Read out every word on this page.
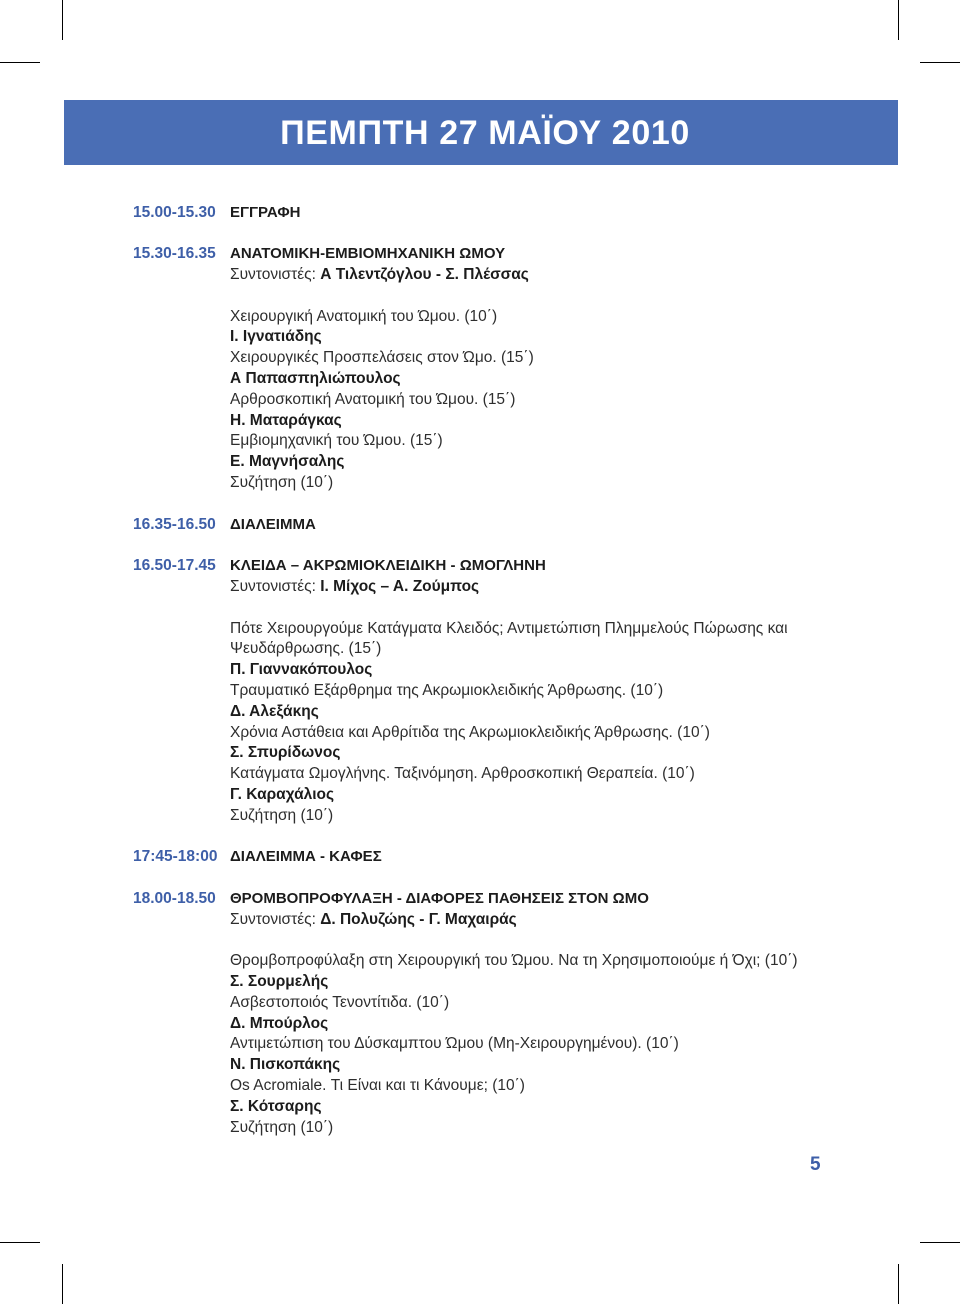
ΠΕΜΠΤΗ 27 ΜΑΪΟΥ 2010
15.00-15.30 ΕΓΓΡΑΦΗ
15.30-16.35 ΑΝΑΤΟΜΙΚΗ-ΕΜΒΙΟΜΗΧΑΝΙΚΗ ΩΜΟΥ
Συντονιστές: Α Τιλεντζόγλου - Σ. Πλέσσας
Χειρουργική Ανατομική του Ώμου. (10΄)
Ι. Ιγνατιάδης
Χειρουργικές Προσπελάσεις στον Ώμο. (15΄)
Α Παπασπηλιώπουλος
Αρθροσκοπική Ανατομική του Ώμου. (15΄)
Η. Ματαράγκας
Εμβιομηχανική του Ώμου. (15΄)
Ε. Μαγνήσαλης
Συζήτηση (10΄)
16.35-16.50 ΔΙΑΛΕΙΜΜΑ
16.50-17.45 ΚΛΕΙΔΑ – ΑΚΡΩΜΙΟΚΛΕΙΔΙΚΗ - ΩΜΟΓΛΗΝΗ
Συντονιστές: Ι. Μίχος – Α. Ζούμπος
Πότε Χειρουργούμε Κατάγματα Κλειδός; Αντιμετώπιση Πλημμελούς Πώρωσης και Ψευδάρθρωσης. (15΄)
Π. Γιαννακόπουλος
Τραυματικό Εξάρθρημα της Ακρωμιοκλειδικής Άρθρωσης. (10΄)
Δ. Αλεξάκης
Χρόνια Αστάθεια και Αρθρίτιδα της Ακρωμιοκλειδικής Άρθρωσης. (10΄)
Σ. Σπυρίδωνος
Κατάγματα Ωμογλήνης. Ταξινόμηση. Αρθροσκοπική Θεραπεία. (10΄)
Γ. Καραχάλιος
Συζήτηση (10΄)
17:45-18:00 ΔΙΑΛΕΙΜΜΑ - ΚΑΦΕΣ
18.00-18.50 ΘΡΟΜΒΟΠΡΟΦΥΛΑΞΗ - ΔΙΑΦΟΡΕΣ ΠΑΘΗΣΕΙΣ ΣΤΟΝ ΩΜΟ
Συντονιστές: Δ. Πολυζώης - Γ. Μαχαιράς
Θρομβοπροφύλαξη στη Χειρουργική του Ώμου. Να τη Χρησιμοποιούμε ή Όχι; (10΄)
Σ. Σουρμελής
Ασβεστοποιός Τενοντίτιδα. (10΄)
Δ. Μπούρλος
Αντιμετώπιση του Δύσκαμπτου Ώμου (Μη-Χειρουργημένου). (10΄)
Ν. Πισκοπάκης
Os Acromiale. Τι Είναι και τι Κάνουμε; (10΄)
Σ. Κότσαρης
Συζήτηση (10΄)
5
